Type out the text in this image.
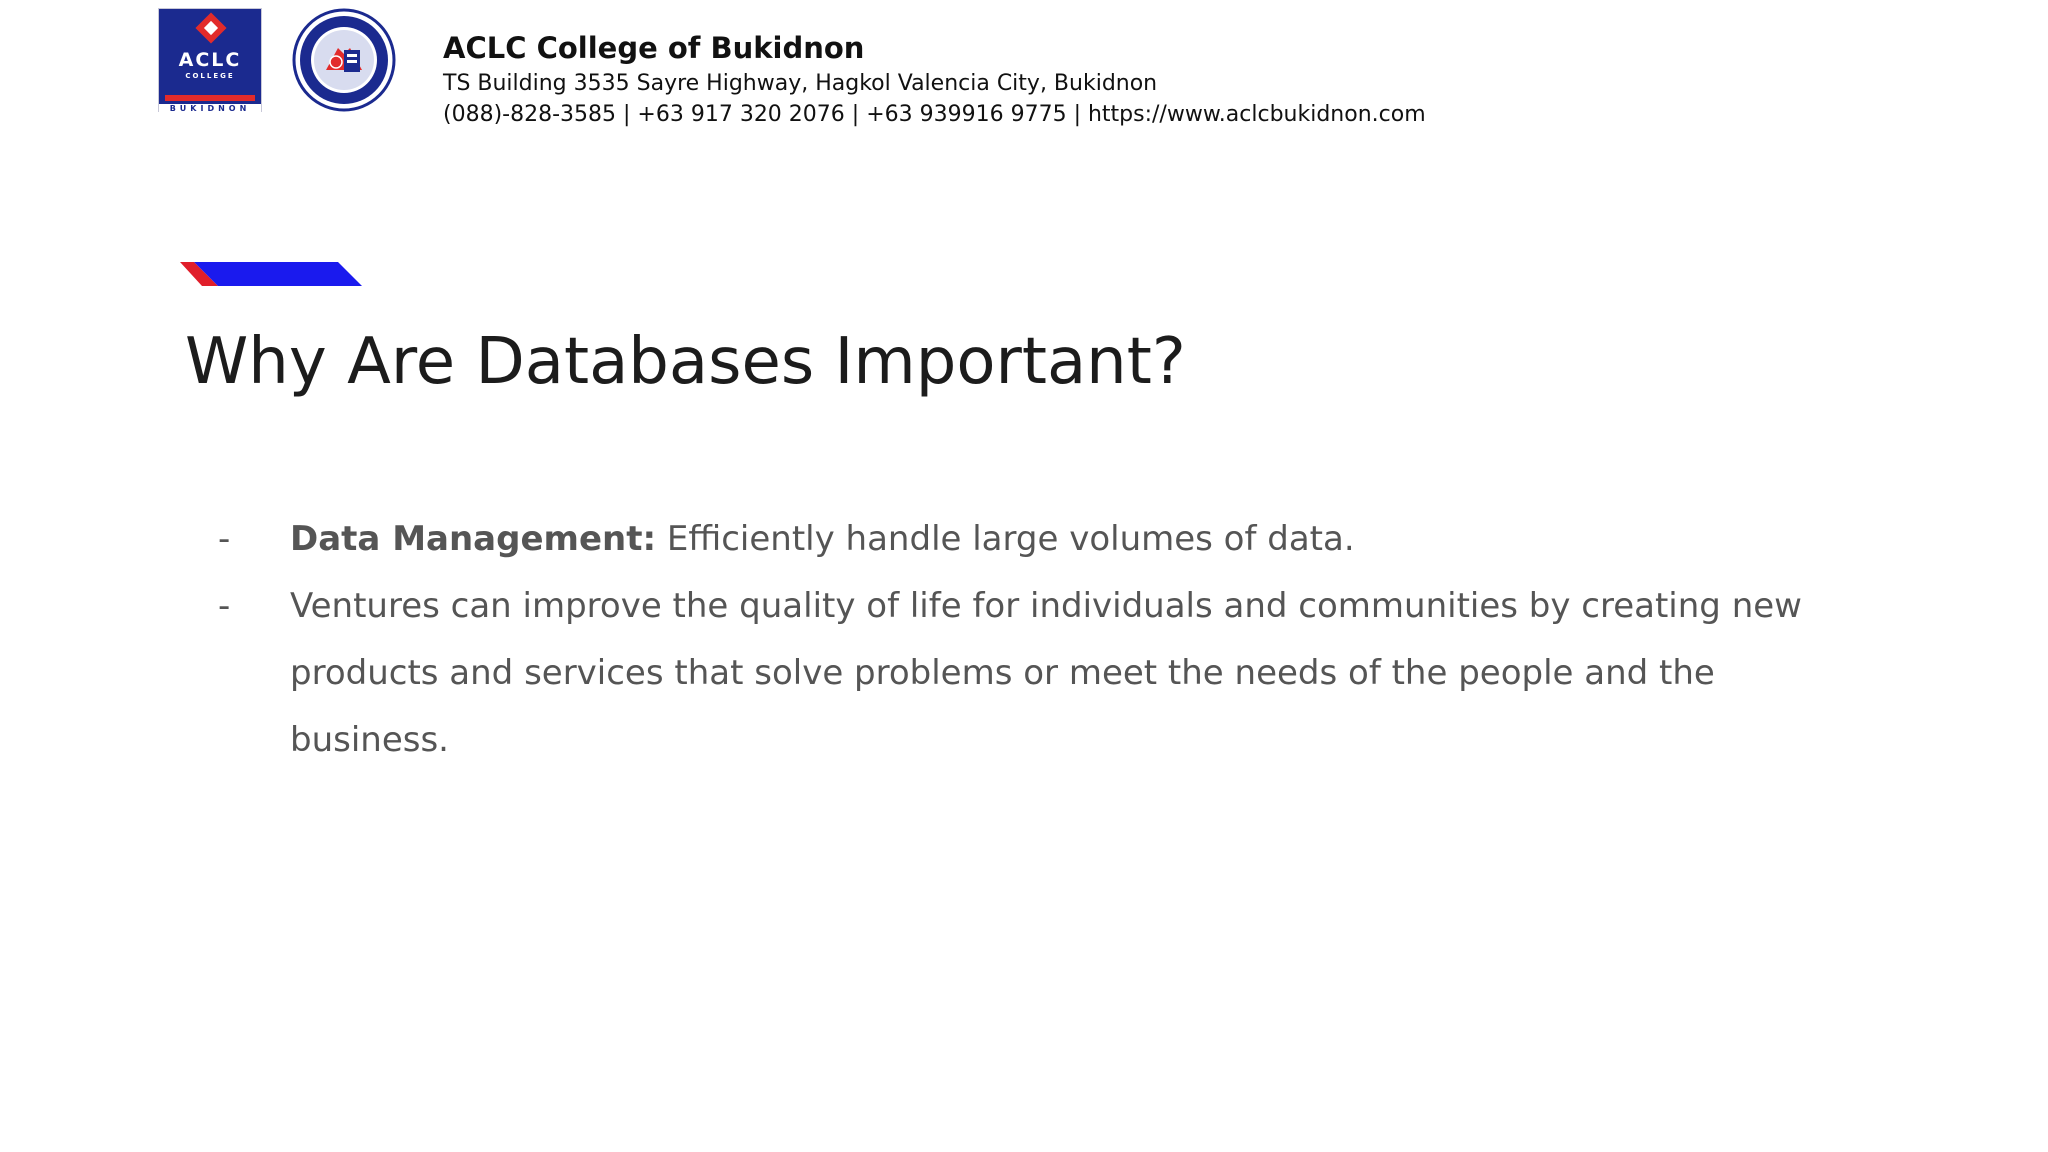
ACLC
COLLEGE
BUKIDNON
ACLC College of Bukidnon
TS Building 3535 Sayre Highway, Hagkol Valencia City, Bukidnon
(088)-828-3585 | +63 917 320 2076 | +63 939916 9775 | https://www.aclcbukidnon.com
Why Are Databases Important?
- Data Management: Efficiently handle large volumes of data.
- Ventures can improve the quality of life for individuals and communities by creating new products and services that solve problems or meet the needs of the people and the business.
